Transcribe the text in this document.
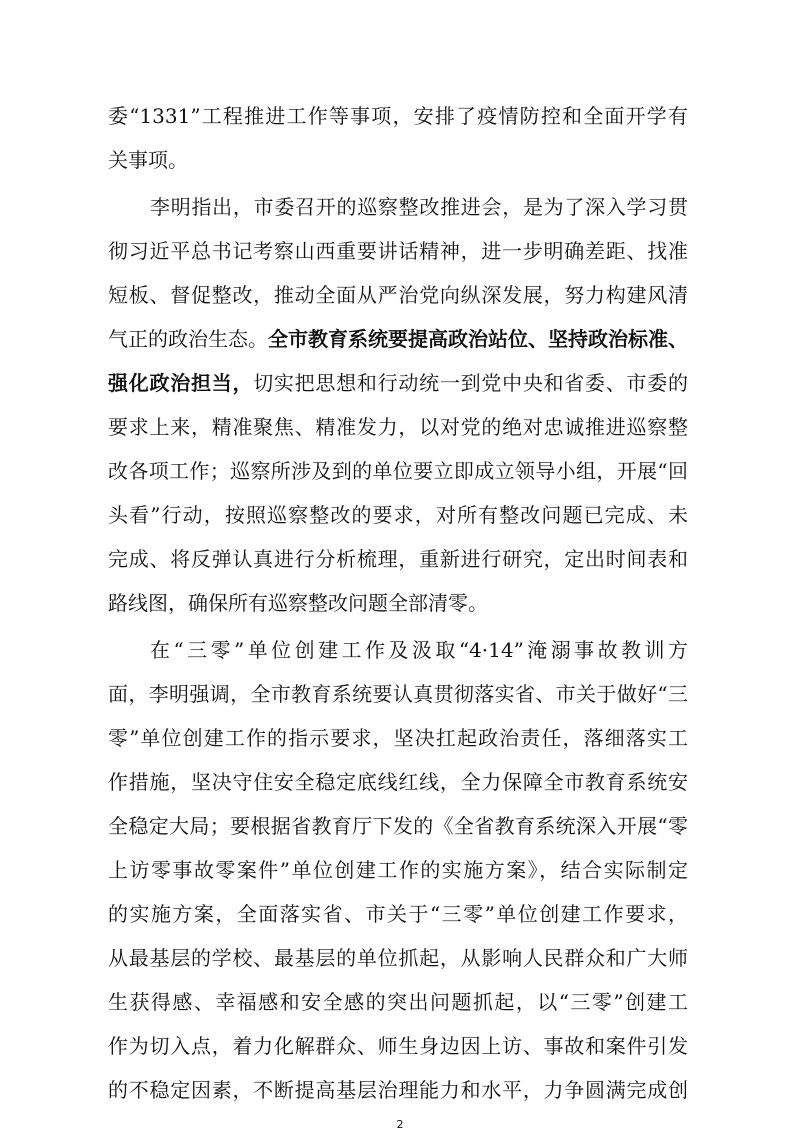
委“1331”工程推进工作等事项，安排了疫情防控和全面开学有
关事项。
李明指出，市委召开的巡察整改推进会，是为了深入学习贯
彻习近平总书记考察山西重要讲话精神，进一步明确差距、找准
短板、督促整改，推动全面从严治党向纵深发展，努力构建风清
气正的政治生态。全市教育系统要提高政治站位、坚持政治标准、
强化政治担当，切实把思想和行动统一到党中央和省委、市委的
要求上来，精准聚焦、精准发力，以对党的绝对忠诚推进巡察整
改各项工作；巡察所涉及到的单位要立即成立领导小组，开展“回
头看”行动，按照巡察整改的要求，对所有整改问题已完成、未
完成、将反弹认真进行分析梳理，重新进行研究，定出时间表和
路线图，确保所有巡察整改问题全部清零。
在“三零”单位创建工作及汲取“4·14”淹溺事故教训方
面，李明强调，全市教育系统要认真贯彻落实省、市关于做好“三
零”单位创建工作的指示要求，坚决扛起政治责任，落细落实工
作措施，坚决守住安全稳定底线红线，全力保障全市教育系统安
全稳定大局；要根据省教育厅下发的《全省教育系统深入开展“零
上访零事故零案件”单位创建工作的实施方案》，结合实际制定
的实施方案，全面落实省、市关于“三零”单位创建工作要求，
从最基层的学校、最基层的单位抓起，从影响人民群众和广大师
生获得感、幸福感和安全感的突出问题抓起，以“三零”创建工
作为切入点，着力化解群众、师生身边因上访、事故和案件引发
的不稳定因素，不断提高基层治理能力和水平，力争圆满完成创
2
